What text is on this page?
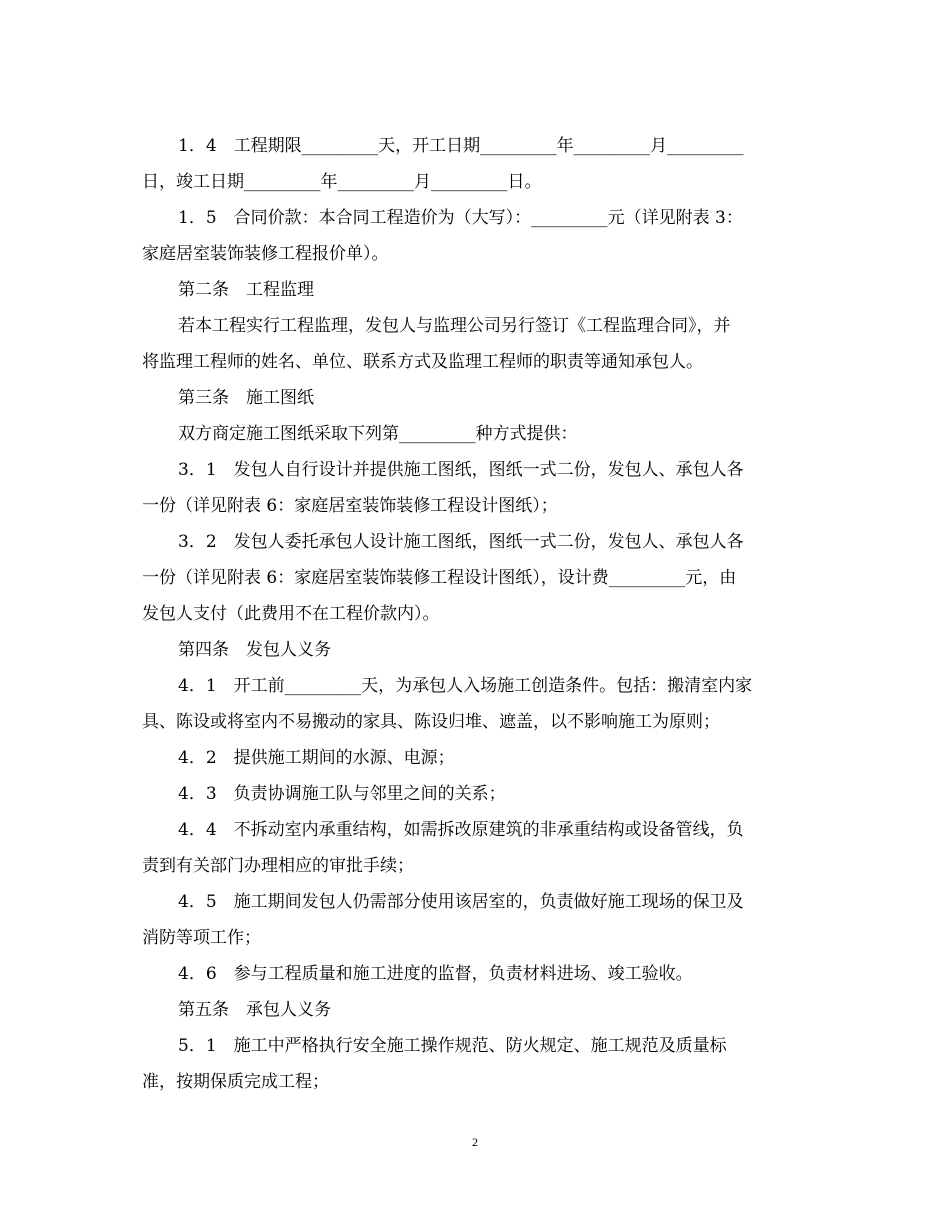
1．4　工程期限_________天，开工日期_________年_________月_________

日，竣工日期_________年_________月_________日。

1．5　合同价款：本合同工程造价为（大写）：_________元（详见附表 3：

家庭居室装饰装修工程报价单）。

第二条　工程监理

若本工程实行工程监理，发包人与监理公司另行签订《工程监理合同》，并

将监理工程师的姓名、单位、联系方式及监理工程师的职责等通知承包人。

第三条　施工图纸

双方商定施工图纸采取下列第_________种方式提供：

3．1　发包人自行设计并提供施工图纸，图纸一式二份，发包人、承包人各

一份（详见附表 6：家庭居室装饰装修工程设计图纸）；

3．2　发包人委托承包人设计施工图纸，图纸一式二份，发包人、承包人各

一份（详见附表 6：家庭居室装饰装修工程设计图纸），设计费_________元，由

发包人支付（此费用不在工程价款内）。

第四条　发包人义务

4．1　开工前_________天，为承包人入场施工创造条件。包括：搬清室内家

具、陈设或将室内不易搬动的家具、陈设归堆、遮盖，以不影响施工为原则；

4．2　提供施工期间的水源、电源；

4．3　负责协调施工队与邻里之间的关系；

4．4　不拆动室内承重结构，如需拆改原建筑的非承重结构或设备管线，负

责到有关部门办理相应的审批手续；

4．5　施工期间发包人仍需部分使用该居室的，负责做好施工现场的保卫及

消防等项工作；

4．6　参与工程质量和施工进度的监督，负责材料进场、竣工验收。

第五条　承包人义务

5．1　施工中严格执行安全施工操作规范、防火规定、施工规范及质量标

准，按期保质完成工程；

2
